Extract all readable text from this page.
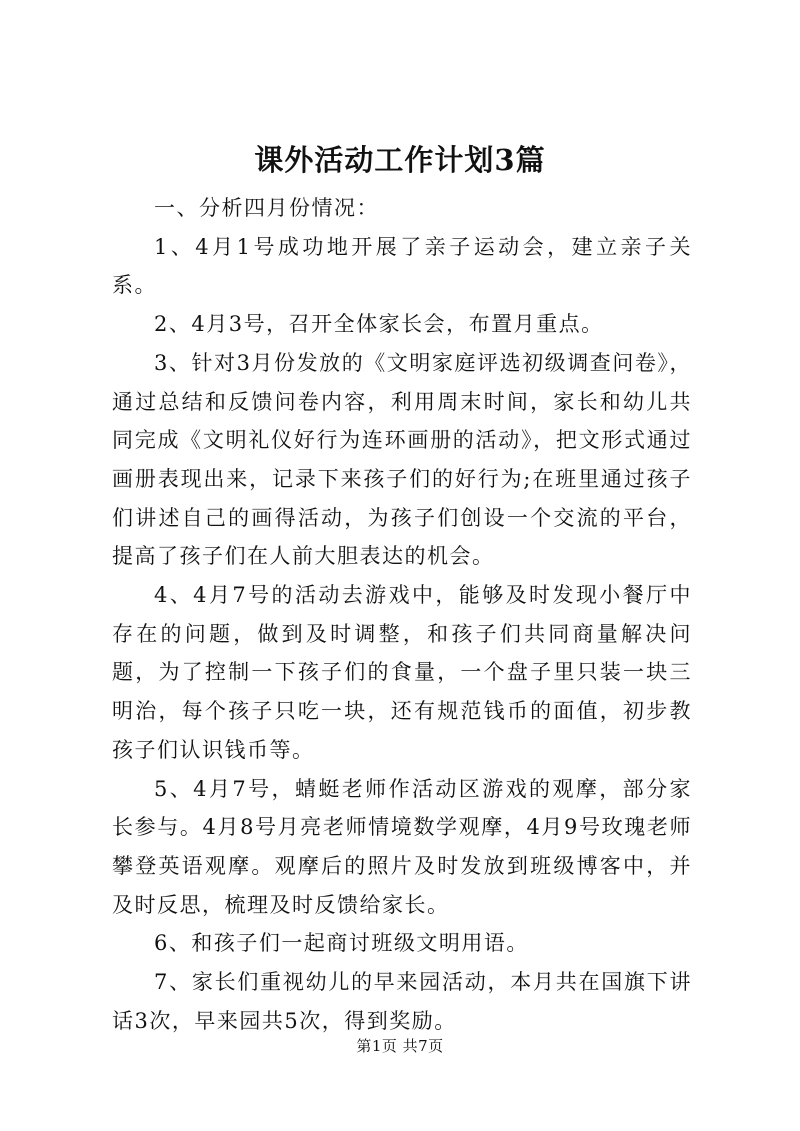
课外活动工作计划3篇

一、分析四月份情况：

1、4月1号成功地开展了亲子运动会，建立亲子关系。

2、4月3号，召开全体家长会，布置月重点。

3、针对3月份发放的《文明家庭评选初级调查问卷》，通过总结和反馈问卷内容，利用周末时间，家长和幼儿共同完成《文明礼仪好行为连环画册的活动》，把文形式通过画册表现出来，记录下来孩子们的好行为;在班里通过孩子们讲述自己的画得活动，为孩子们创设一个交流的平台，提高了孩子们在人前大胆表达的机会。

4、4月7号的活动去游戏中，能够及时发现小餐厅中存在的问题，做到及时调整，和孩子们共同商量解决问题，为了控制一下孩子们的食量，一个盘子里只装一块三明治，每个孩子只吃一块，还有规范钱币的面值，初步教孩子们认识钱币等。

5、4月7号，蜻蜓老师作活动区游戏的观摩，部分家长参与。4月8号月亮老师情境数学观摩，4月9号玫瑰老师攀登英语观摩。观摩后的照片及时发放到班级博客中，并及时反思，梳理及时反馈给家长。

6、和孩子们一起商讨班级文明用语。

7、家长们重视幼儿的早来园活动，本月共在国旗下讲话3次，早来园共5次，得到奖励。

第1页 共7页
